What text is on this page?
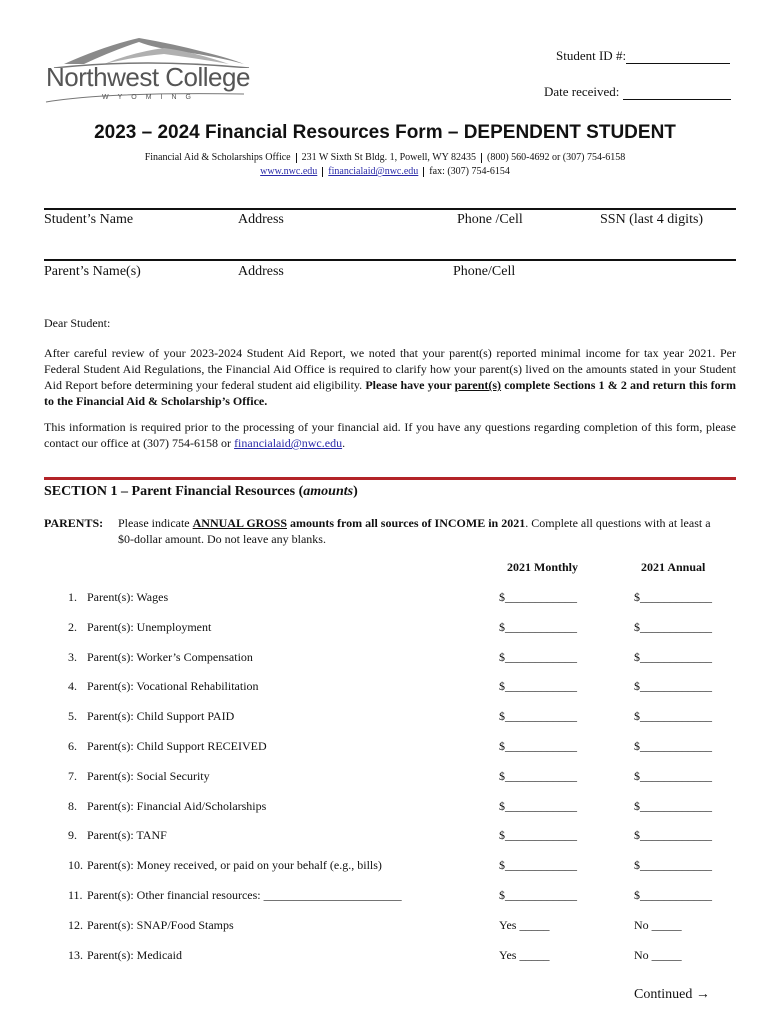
Northwest College
WYOMING
Student ID #:
Date received:
2023 – 2024 Financial Resources Form – DEPENDENT STUDENT
Financial Aid & Scholarships Office 231 W Sixth St Bldg. 1, Powell, WY 82435 (800) 560-4692 or (307) 754-6158
www.nwc.edu financialaid@nwc.edu fax: (307) 754-6154
Student’s Name	Address	Phone /Cell	SSN (last 4 digits)
Parent’s Name(s)	Address	Phone/Cell
Dear Student:
After careful review of your 2023-2024 Student Aid Report, we noted that your parent(s) reported minimal income for tax year 2021. Per Federal Student Aid Regulations, the Financial Aid Office is required to clarify how your parent(s) lived on the amounts stated in your Student Aid Report before determining your federal student aid eligibility. Please have your parent(s) complete Sections 1 & 2 and return this form to the Financial Aid & Scholarship’s Office.
This information is required prior to the processing of your financial aid. If you have any questions regarding completion of this form, please contact our office at (307) 754-6158 or financialaid@nwc.edu.
SECTION 1 – Parent Financial Resources (amounts)
PARENTS: Please indicate ANNUAL GROSS amounts from all sources of INCOME in 2021. Complete all questions with at least a $0-dollar amount. Do not leave any blanks.
2021 Monthly	2021 Annual
1. Parent(s): Wages	$____________	$____________
2. Parent(s): Unemployment	$____________	$____________
3. Parent(s): Worker’s Compensation	$____________	$____________
4. Parent(s): Vocational Rehabilitation	$____________	$____________
5. Parent(s): Child Support PAID	$____________	$____________
6. Parent(s): Child Support RECEIVED	$____________	$____________
7. Parent(s): Social Security	$____________	$____________
8. Parent(s): Financial Aid/Scholarships	$____________	$____________
9. Parent(s): TANF	$____________	$____________
10. Parent(s): Money received, or paid on your behalf (e.g., bills)	$____________	$____________
11. Parent(s): Other financial resources: _______________________	$____________	$____________
12. Parent(s): SNAP/Food Stamps	Yes _____	No _____
13. Parent(s): Medicaid	Yes _____	No _____
Continued →
